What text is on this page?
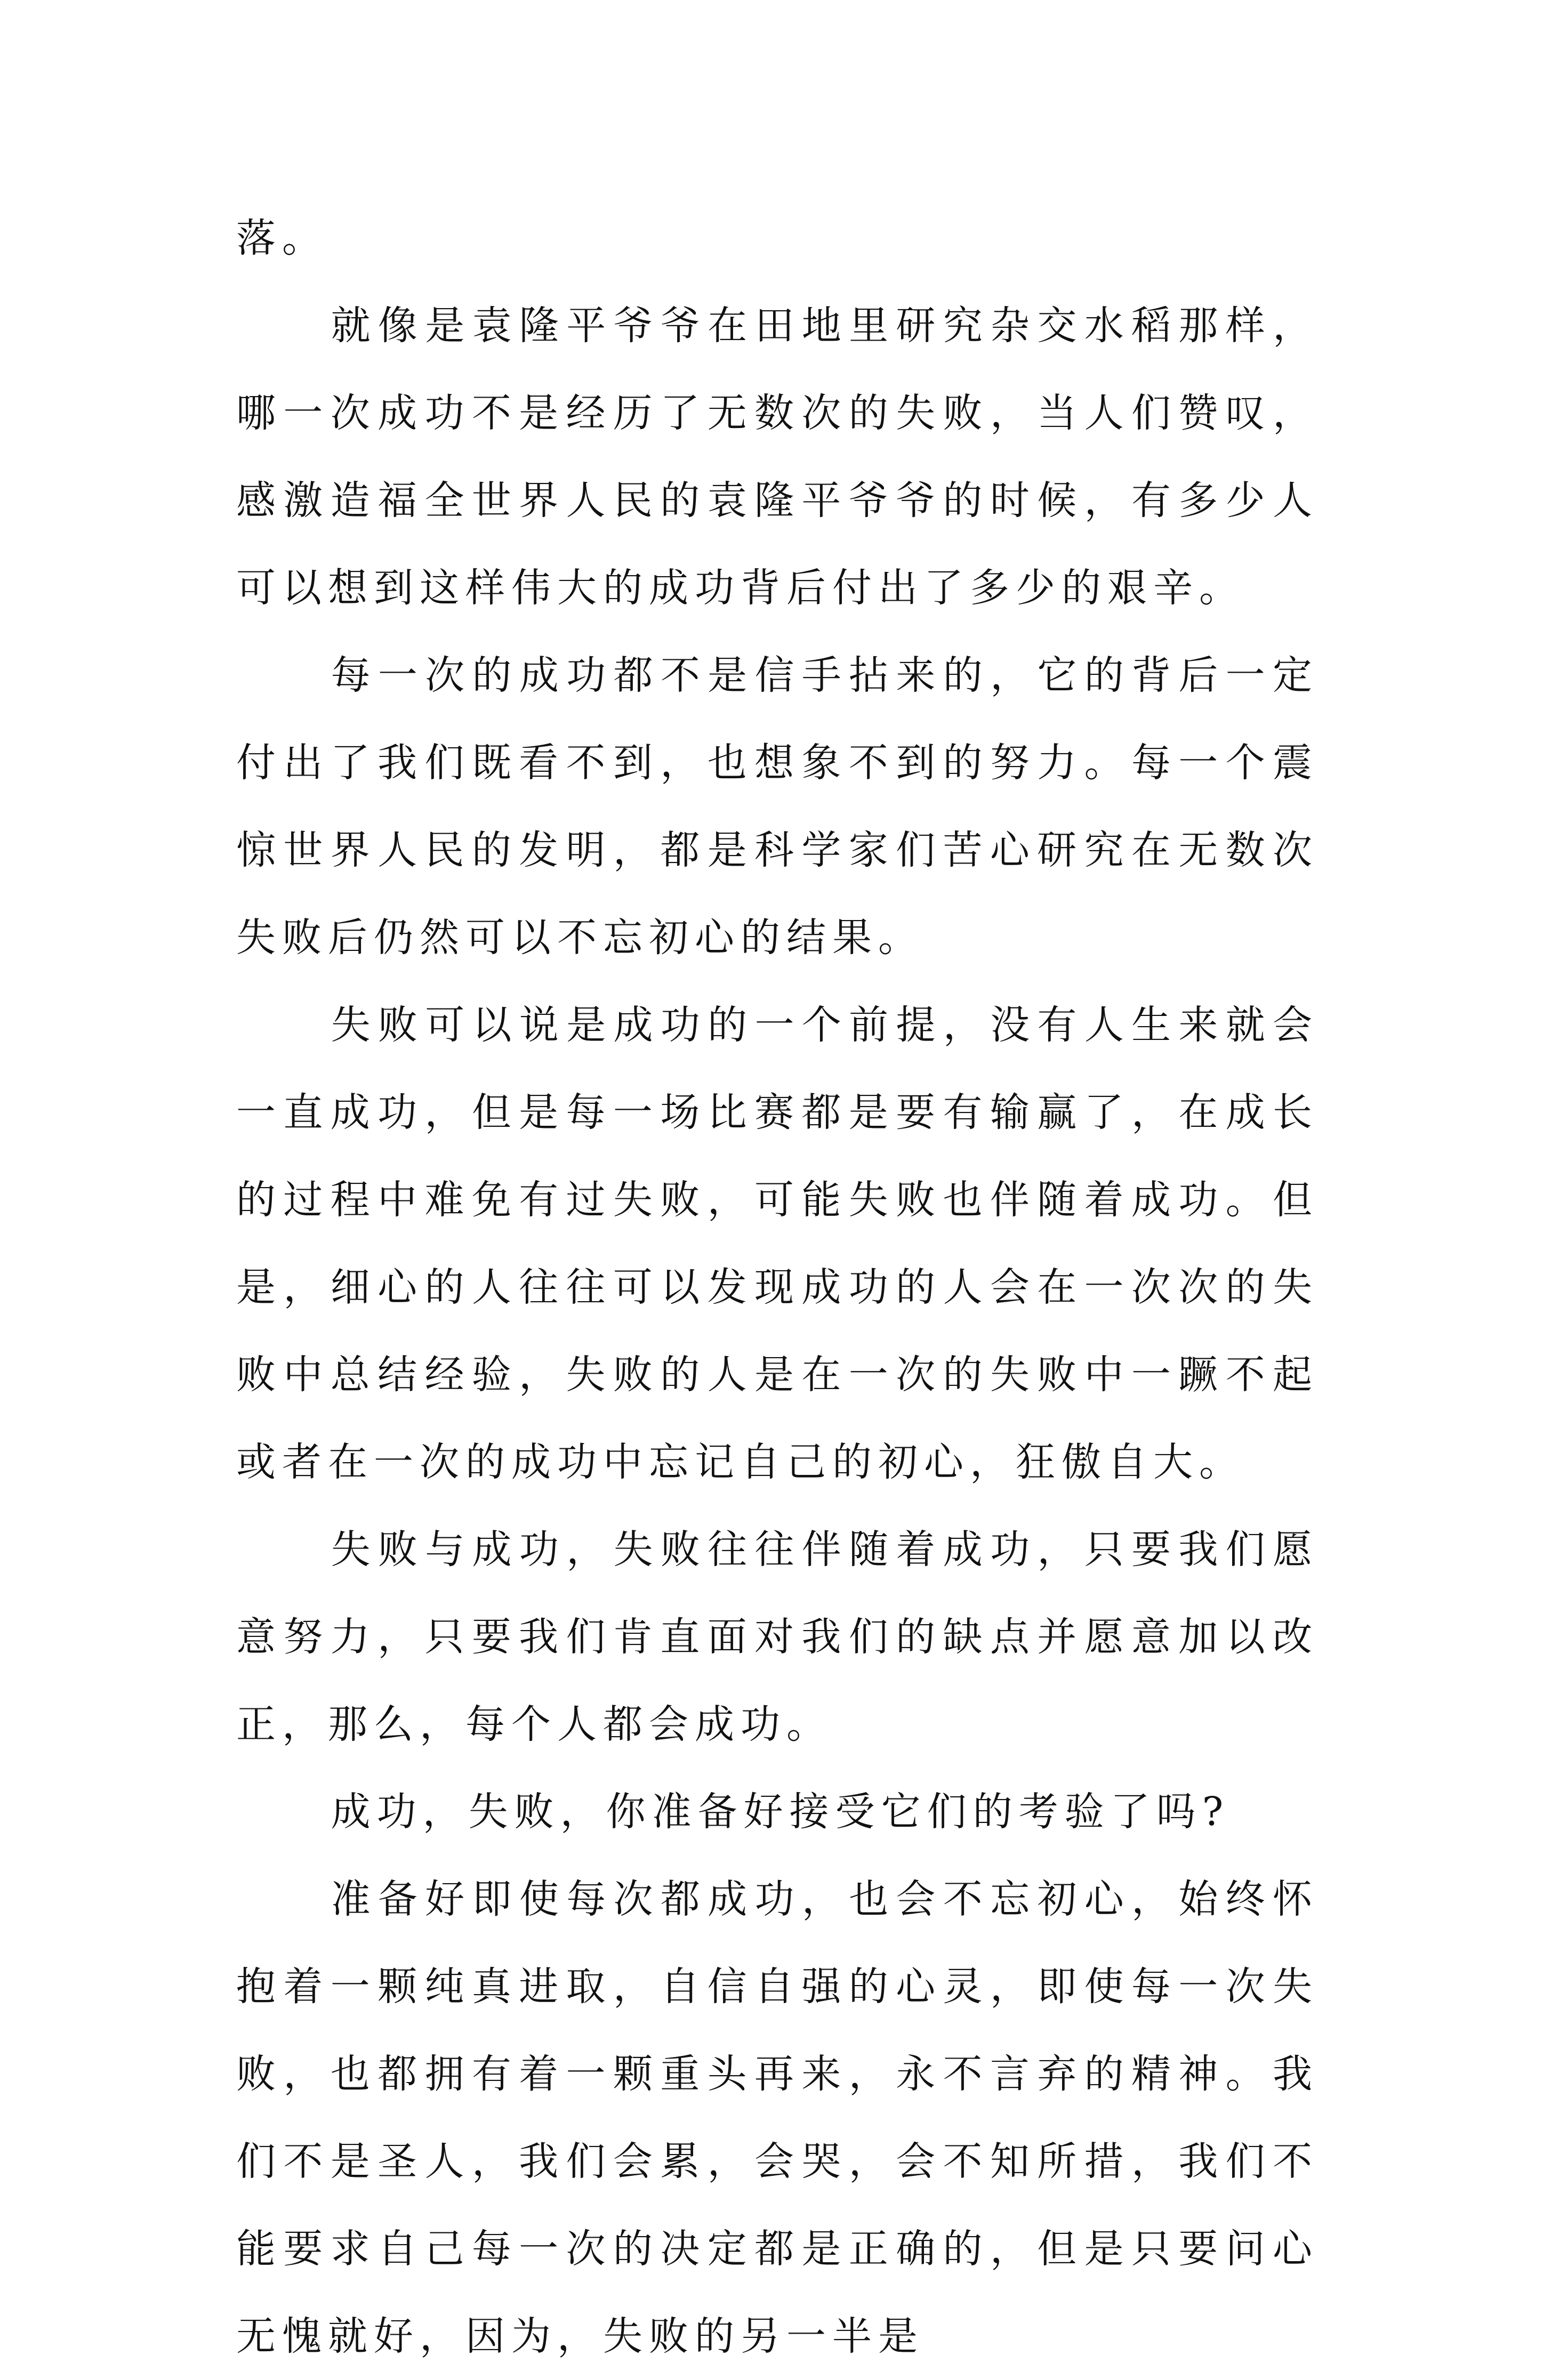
落。

就像是袁隆平爷爷在田地里研究杂交水稻那样，哪一次成功不是经历了无数次的失败，当人们赞叹，感激造福全世界人民的袁隆平爷爷的时候，有多少人可以想到这样伟大的成功背后付出了多少的艰辛。

每一次的成功都不是信手拈来的，它的背后一定付出了我们既看不到，也想象不到的努力。每一个震惊世界人民的发明，都是科学家们苦心研究在无数次失败后仍然可以不忘初心的结果。

失败可以说是成功的一个前提，没有人生来就会一直成功，但是每一场比赛都是要有输赢了，在成长的过程中难免有过失败，可能失败也伴随着成功。但是，细心的人往往可以发现成功的人会在一次次的失败中总结经验，失败的人是在一次的失败中一蹶不起或者在一次的成功中忘记自己的初心，狂傲自大。

失败与成功，失败往往伴随着成功，只要我们愿意努力，只要我们肯直面对我们的缺点并愿意加以改正，那么，每个人都会成功。

成功，失败，你准备好接受它们的考验了吗?

准备好即使每次都成功，也会不忘初心，始终怀抱着一颗纯真进取，自信自强的心灵，即使每一次失败，也都拥有着一颗重头再来，永不言弃的精神。我们不是圣人，我们会累，会哭，会不知所措，我们不能要求自己每一次的决定都是正确的，但是只要问心无愧就好，因为，失败的另一半是
